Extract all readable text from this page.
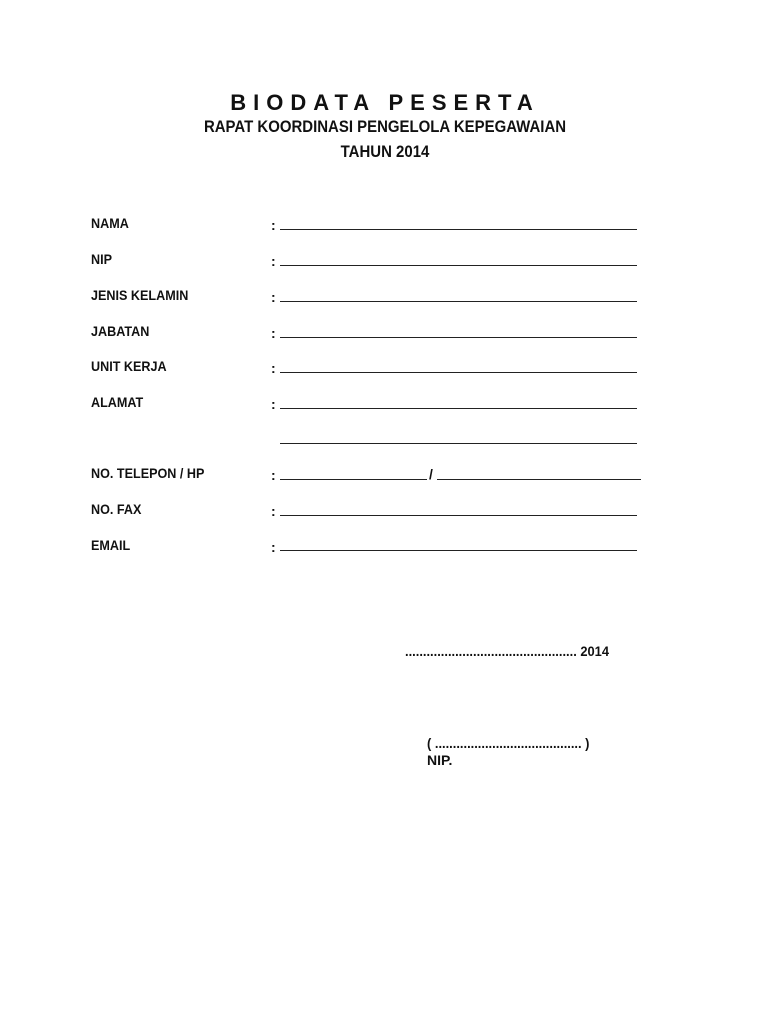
BIODATA PESERTA
RAPAT KOORDINASI PENGELOLA KEPEGAWAIAN
TAHUN 2014
NAMA	:
NIP	:
JENIS KELAMIN	:
JABATAN	:
UNIT KERJA	:
ALAMAT	:
NO. TELEPON / HP	:	/
NO. FAX	:
EMAIL	:
................................................ 2014
( ......................................... )
NIP.
